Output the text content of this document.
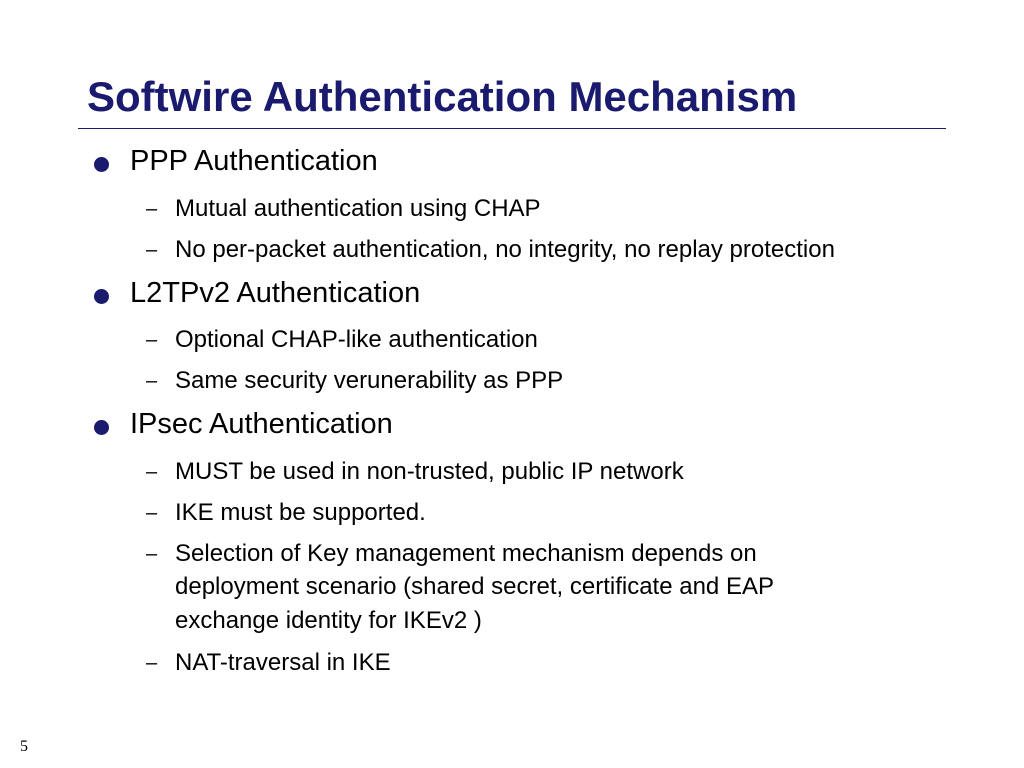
Softwire Authentication Mechanism
PPP Authentication
– Mutual authentication using CHAP
– No per-packet authentication, no integrity, no replay protection
L2TPv2 Authentication
– Optional CHAP-like authentication
– Same security verunerability as PPP
IPsec Authentication
– MUST be used in non-trusted, public IP network
– IKE must be supported.
– Selection of Key management mechanism depends on
deployment scenario (shared secret, certificate and EAP
exchange identity for IKEv2 )
– NAT-traversal in IKE
5
